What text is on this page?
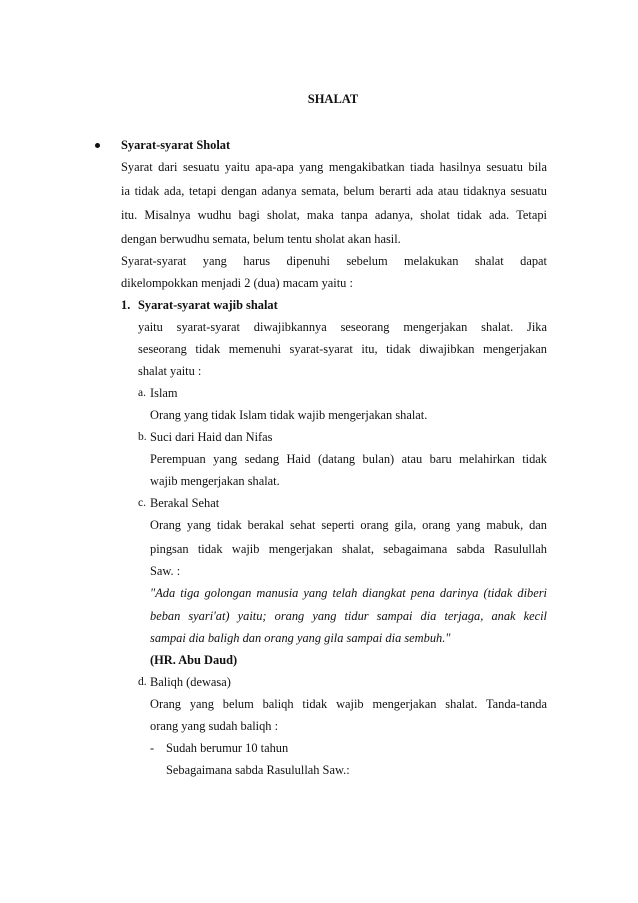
SHALAT
Syarat-syarat Sholat
Syarat dari sesuatu yaitu apa-apa yang mengakibatkan tiada hasilnya sesuatu bila
ia tidak ada, tetapi dengan adanya semata, belum berarti ada atau tidaknya sesuatu
itu. Misalnya wudhu bagi sholat, maka tanpa adanya, sholat tidak ada. Tetapi
dengan berwudhu semata, belum tentu sholat akan hasil.
Syarat-syarat yang harus dipenuhi sebelum melakukan shalat dapat
dikelompokkan menjadi 2 (dua) macam yaitu :
1. Syarat-syarat wajib shalat
yaitu syarat-syarat diwajibkannya seseorang mengerjakan shalat. Jika
seseorang tidak memenuhi syarat-syarat itu, tidak diwajibkan mengerjakan
shalat yaitu :
a. Islam
Orang yang tidak Islam tidak wajib mengerjakan shalat.
b. Suci dari Haid dan Nifas
Perempuan yang sedang Haid (datang bulan) atau baru melahirkan tidak
wajib mengerjakan shalat.
c. Berakal Sehat
Orang yang tidak berakal sehat seperti orang gila, orang yang mabuk, dan
pingsan tidak wajib mengerjakan shalat, sebagaimana sabda Rasulullah
Saw. :
"Ada tiga golongan manusia yang telah diangkat pena darinya (tidak diberi
beban syari'at) yaitu; orang yang tidur sampai dia terjaga, anak kecil
sampai dia baligh dan orang yang gila sampai dia sembuh."
(HR. Abu Daud)
d. Baliqh (dewasa)
Orang yang belum baliqh tidak wajib mengerjakan shalat. Tanda-tanda
orang yang sudah baliqh :
- Sudah berumur 10 tahun
Sebagaimana sabda Rasulullah Saw.:
